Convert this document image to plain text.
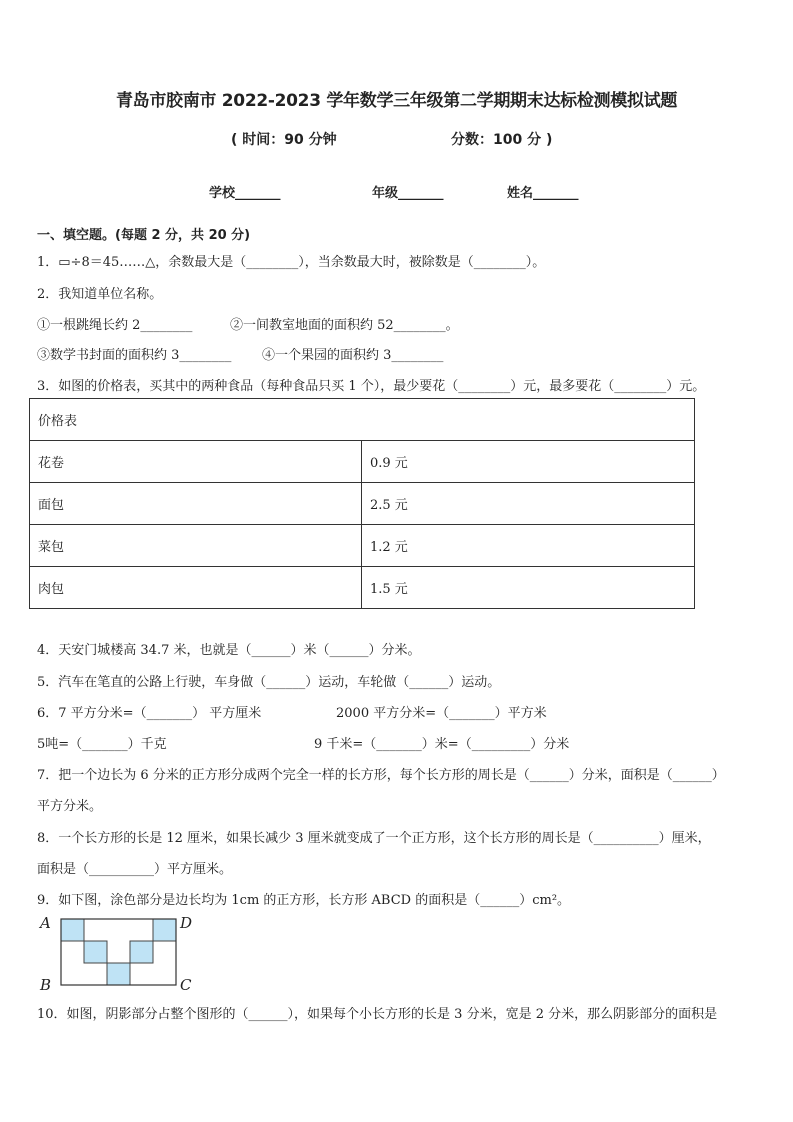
青岛市胶南市 2022-2023 学年数学三年级第二学期期末达标检测模拟试题
( 时间：90 分钟	分数：100 分 )
学校_______	年级_______	姓名_______
一、填空题。(每题 2 分，共 20 分)
1．▭÷8＝45……△，余数最大是（________），当余数最大时，被除数是（________）。
2．我知道单位名称。
①一根跳绳长约 2________	②一间教室地面的面积约 52________。
③数学书封面的面积约 3________ ④一个果园的面积约 3________
3．如图的价格表，买其中的两种食品（每种食品只买 1 个），最少要花（________）元，最多要花（________）元。
价格表	
花卷	0.9 元
面包	2.5 元
菜包	1.2 元
肉包	1.5 元
4．天安门城楼高 34.7 米，也就是（______）米（______）分米。
5．汽车在笔直的公路上行驶，车身做（______）运动，车轮做（______）运动。
6．7 平方分米=（_______） 平方厘米	2000 平方分米=（_______）平方米
5吨=（_______）千克	9 千米=（_______）米=（_________）分米
7．把一个边长为 6 分米的正方形分成两个完全一样的长方形，每个长方形的周长是（______）分米，面积是（______）
平方分米。
8．一个长方形的长是 12 厘米，如果长减少 3 厘米就变成了一个正方形，这个长方形的周长是（__________）厘米，
面积是（__________）平方厘米。
9．如下图，涂色部分是边长均为 1cm 的正方形，长方形 ABCD 的面积是（______）cm²。
A
B	C
D
10．如图，阴影部分占整个图形的（______），如果每个小长方形的长是 3 分米，宽是 2 分米，那么阴影部分的面积是
